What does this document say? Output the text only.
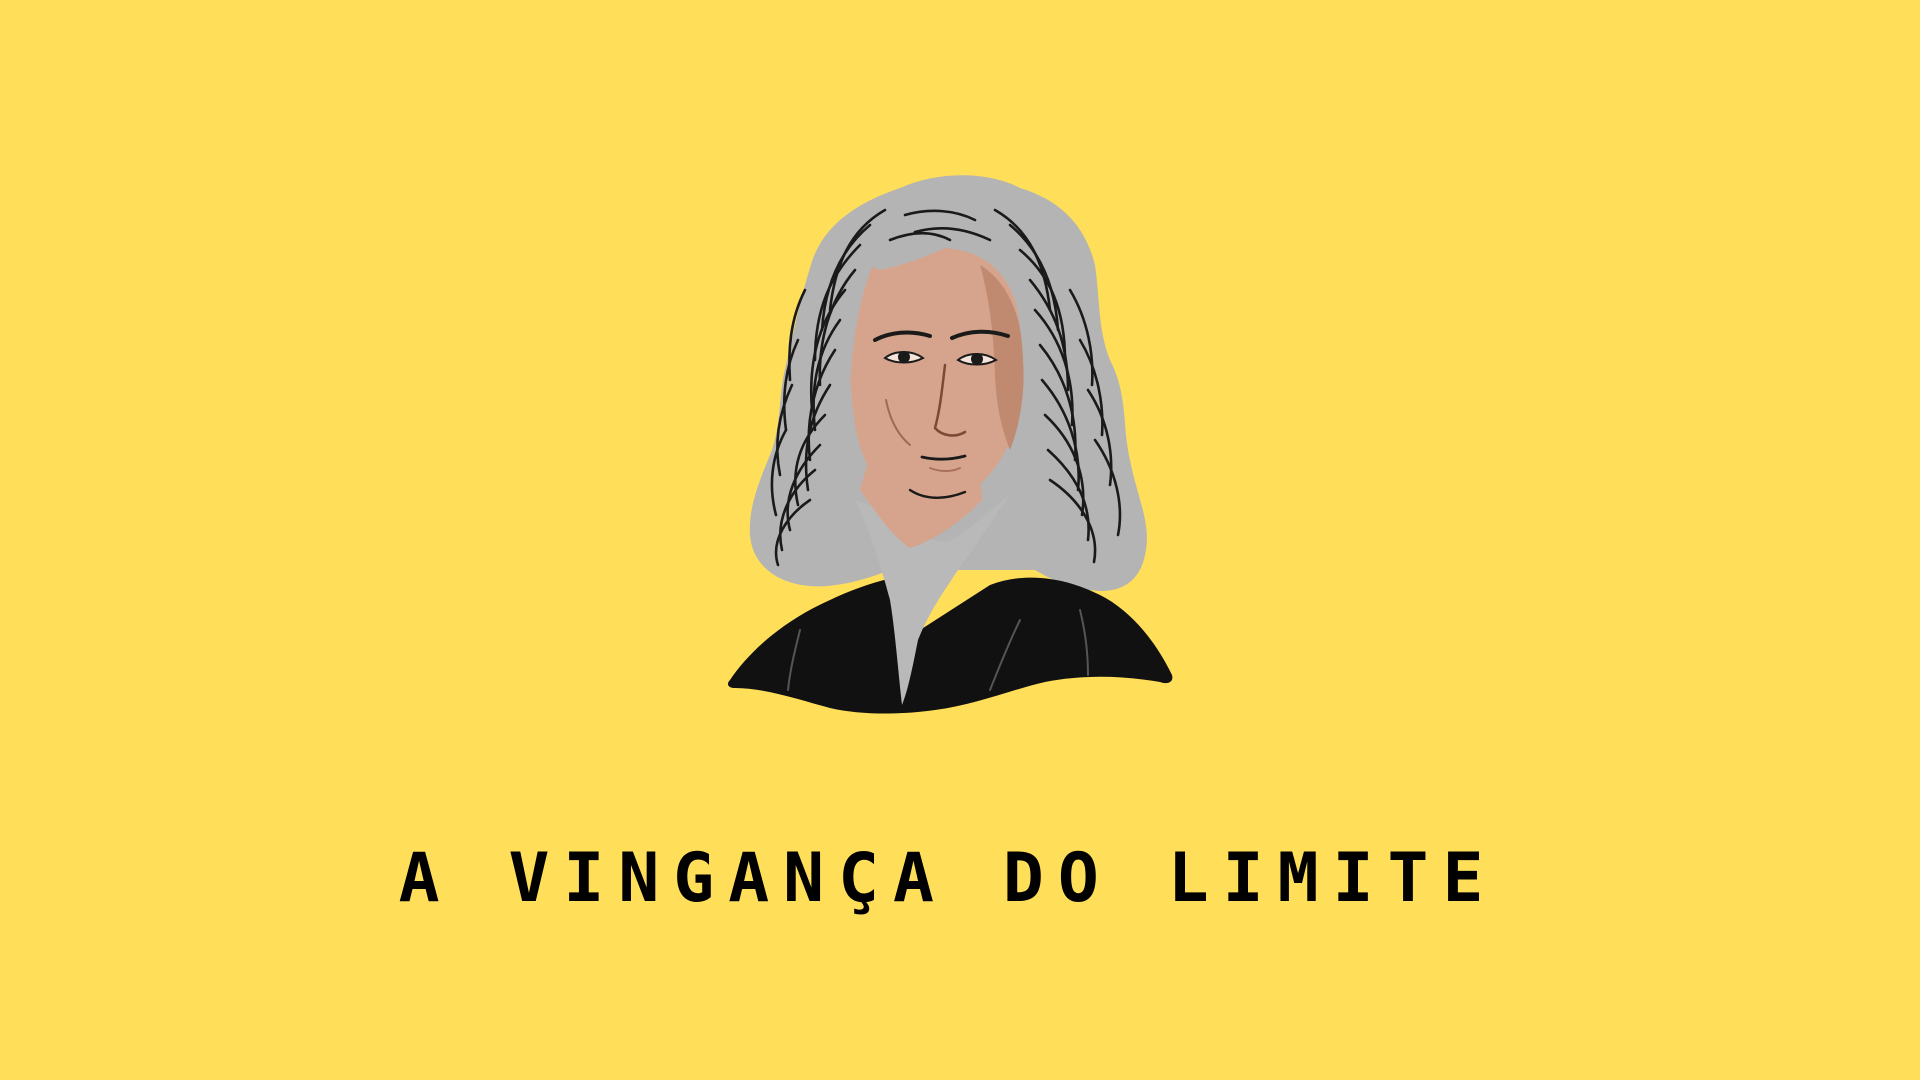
A VINGANÇA DO LIMITE
